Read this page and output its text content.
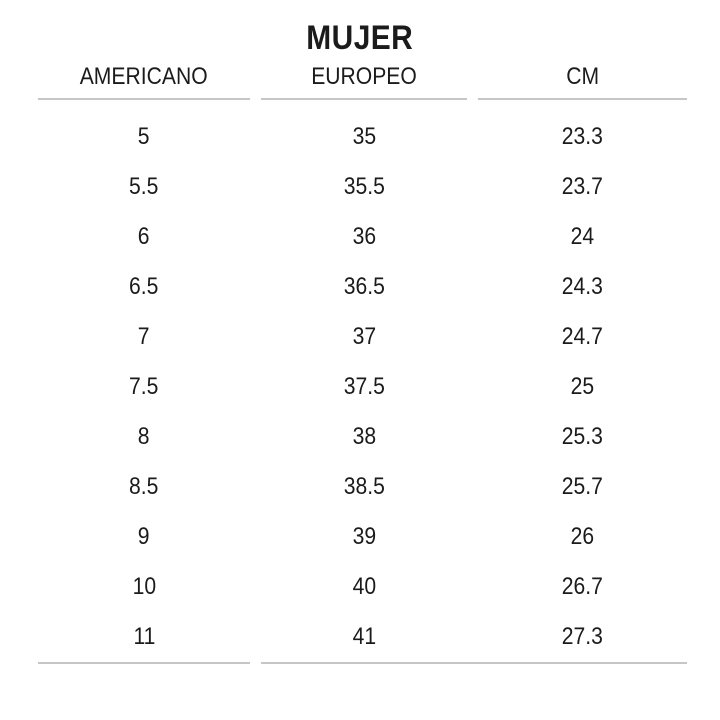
MUJER
AMERICANO	EUROPEO	CM
5	35	23.3
5.5	35.5	23.7
6	36	24
6.5	36.5	24.3
7	37	24.7
7.5	37.5	25
8	38	25.3
8.5	38.5	25.7
9	39	26
10	40	26.7
11	41	27.3
